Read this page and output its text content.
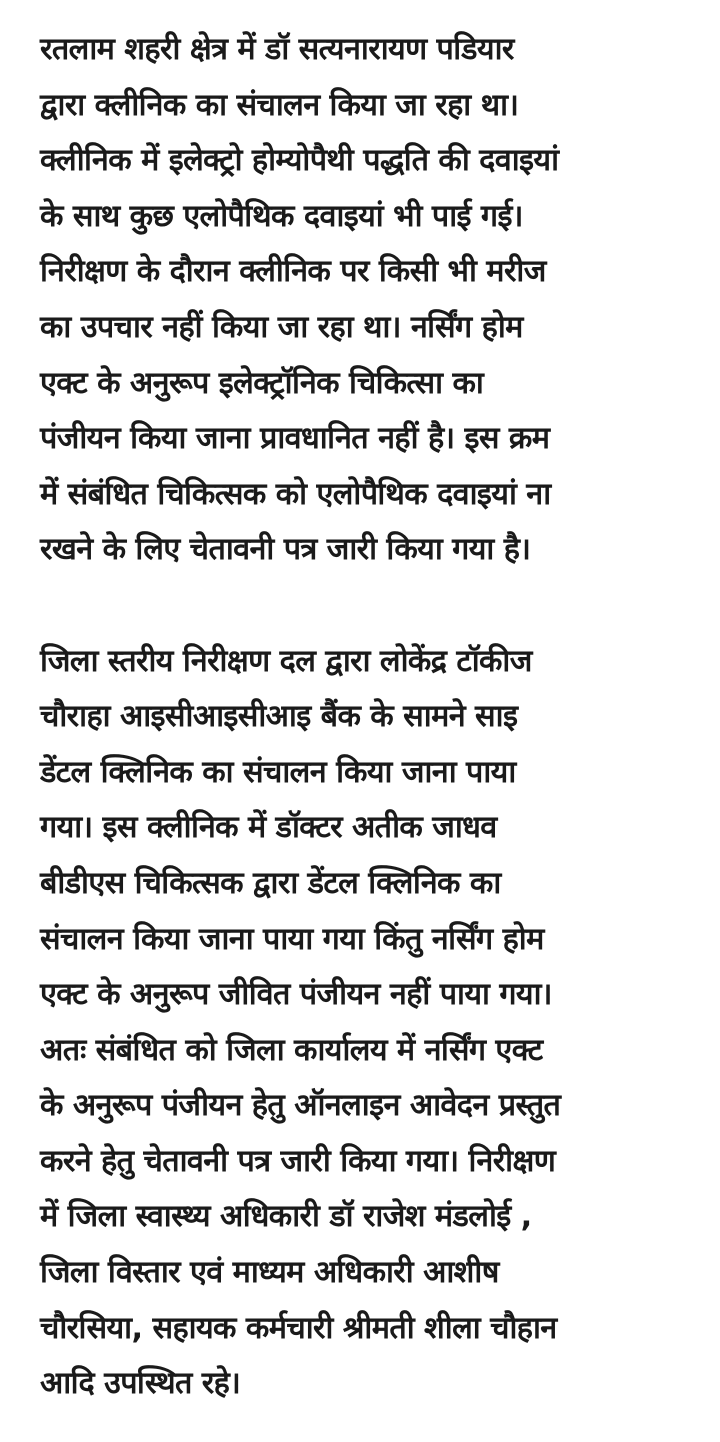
रतलाम शहरी क्षेत्र में डॉ सत्यनारायण पडियार
द्वारा क्लीनिक का संचालन किया जा रहा था।
क्लीनिक में इलेक्ट्रो होम्योपैथी पद्धति की दवाइयां
के साथ कुछ एलोपैथिक दवाइयां भी पाई गई।
निरीक्षण के दौरान क्लीनिक पर किसी भी मरीज
का उपचार नहीं किया जा रहा था। नर्सिंग होम
एक्ट के अनुरूप इलेक्ट्रॉनिक चिकित्सा का
पंजीयन किया जाना प्रावधानित नहीं है। इस क्रम
में संबंधित चिकित्सक को एलोपैथिक दवाइयां ना
रखने के लिए चेतावनी पत्र जारी किया गया है।

जिला स्तरीय निरीक्षण दल द्वारा लोकेंद्र टॉकीज
चौराहा आइसीआइसीआइ बैंक के सामने साइ
डेंटल क्लिनिक का संचालन किया जाना पाया
गया। इस क्लीनिक में डॉक्टर अतीक जाधव
बीडीएस चिकित्सक द्वारा डेंटल क्लिनिक का
संचालन किया जाना पाया गया किंतु नर्सिंग होम
एक्ट के अनुरूप जीवित पंजीयन नहीं पाया गया।
अतः संबंधित को जिला कार्यालय में नर्सिंग एक्ट
के अनुरूप पंजीयन हेतु ऑनलाइन आवेदन प्रस्तुत
करने हेतु चेतावनी पत्र जारी किया गया। निरीक्षण
में जिला स्वास्थ्य अधिकारी डॉ राजेश मंडलोई ,
जिला विस्तार एवं माध्यम अधिकारी आशीष
चौरसिया, सहायक कर्मचारी श्रीमती शीला चौहान
आदि उपस्थित रहे।
